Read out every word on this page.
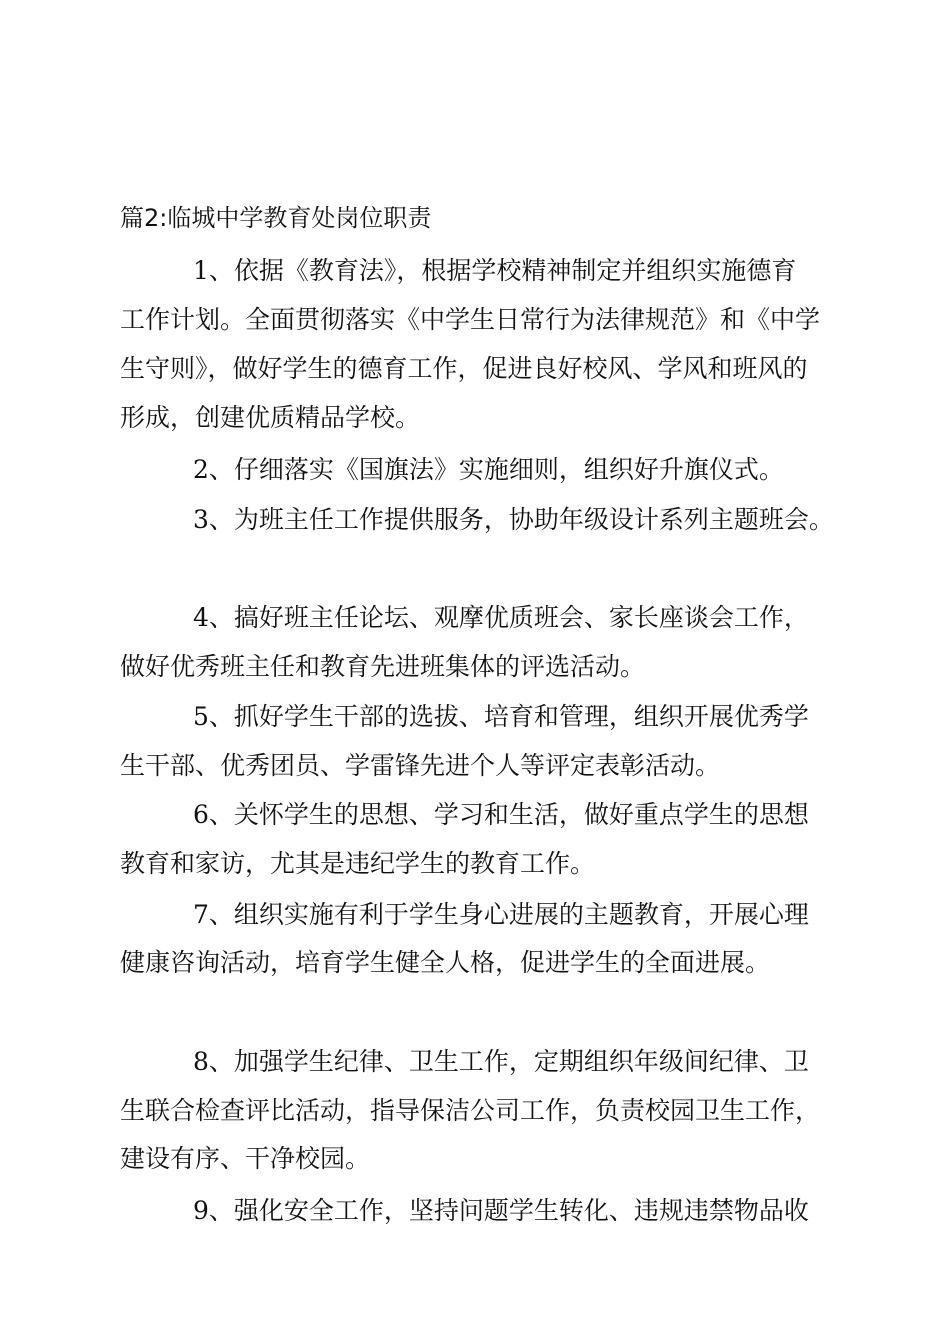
篇2:临城中学教育处岗位职责
1、依据《教育法》，根据学校精神制定并组织实施德育
工作计划。全面贯彻落实《中学生日常行为法律规范》和《中学
生守则》，做好学生的德育工作，促进良好校风、学风和班风的
形成，创建优质精品学校。
2、仔细落实《国旗法》实施细则，组织好升旗仪式。
3、为班主任工作提供服务，协助年级设计系列主题班会。
4、搞好班主任论坛、观摩优质班会、家长座谈会工作，
做好优秀班主任和教育先进班集体的评选活动。
5、抓好学生干部的选拔、培育和管理，组织开展优秀学
生干部、优秀团员、学雷锋先进个人等评定表彰活动。
6、关怀学生的思想、学习和生活，做好重点学生的思想
教育和家访，尤其是违纪学生的教育工作。
7、组织实施有利于学生身心进展的主题教育，开展心理
健康咨询活动，培育学生健全人格，促进学生的全面进展。
8、加强学生纪律、卫生工作，定期组织年级间纪律、卫
生联合检查评比活动，指导保洁公司工作，负责校园卫生工作，
建设有序、干净校园。
9、强化安全工作，坚持问题学生转化、违规违禁物品收
